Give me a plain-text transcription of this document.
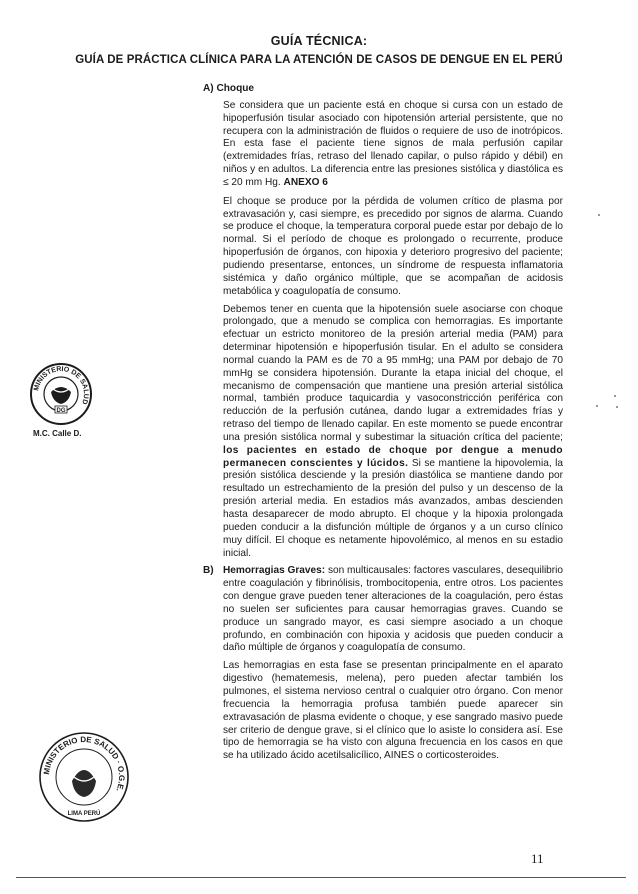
GUÍA TÉCNICA:
GUÍA DE PRÁCTICA CLÍNICA PARA LA ATENCIÓN DE CASOS DE DENGUE EN EL PERÚ
A) Choque

Se considera que un paciente está en choque si cursa con un estado de hipoperfusión tisular asociado con hipotensión arterial persistente, que no recupera con la administración de fluidos o requiere de uso de inotrópicos. En esta fase el paciente tiene signos de mala perfusión capilar (extremidades frías, retraso del llenado capilar, o pulso rápido y débil) en niños y en adultos. La diferencia entre las presiones sistólica y diastólica es ≤ 20 mm Hg. ANEXO 6

El choque se produce por la pérdida de volumen crítico de plasma por extravasación y, casi siempre, es precedido por signos de alarma. Cuando se produce el choque, la temperatura corporal puede estar por debajo de lo normal. Si el período de choque es prolongado o recurrente, produce hipoperfusión de órganos, con hipoxia y deterioro progresivo del paciente; pudiendo presentarse, entonces, un síndrome de respuesta inflamatoria sistémica y daño orgánico múltiple, que se acompañan de acidosis metabólica y coagulopatía de consumo.

Debemos tener en cuenta que la hipotensión suele asociarse con choque prolongado, que a menudo se complica con hemorragias. Es importante efectuar un estricto monitoreo de la presión arterial media (PAM) para determinar hipotensión e hipoperfusión tisular. En el adulto se considera normal cuando la PAM es de 70 a 95 mmHg; una PAM por debajo de 70 mmHg se considera hipotensión. Durante la etapa inicial del choque, el mecanismo de compensación que mantiene una presión arterial sistólica normal, también produce taquicardia y vasoconstricción periférica con reducción de la perfusión cutánea, dando lugar a extremidades frías y retraso del tiempo de llenado capilar. En este momento se puede encontrar una presión sistólica normal y subestimar la situación crítica del paciente; los pacientes en estado de choque por dengue a menudo permanecen conscientes y lúcidos. Si se mantiene la hipovolemia, la presión sistólica desciende y la presión diastólica se mantiene dando por resultado un estrechamiento de la presión del pulso y un descenso de la presión arterial media. En estadios más avanzados, ambas descienden hasta desaparecer de modo abrupto. El choque y la hipoxia prolongada pueden conducir a la disfunción múltiple de órganos y a un curso clínico muy difícil. El choque es netamente hipovolémico, al menos en su estadio inicial.

B) Hemorragias Graves: son multicausales: factores vasculares, desequilibrio entre coagulación y fibrinólisis, trombocitopenia, entre otros. Los pacientes con dengue grave pueden tener alteraciones de la coagulación, pero éstas no suelen ser suficientes para causar hemorragias graves. Cuando se produce un sangrado mayor, es casi siempre asociado a un choque profundo, en combinación con hipoxia y acidosis que pueden conducir a daño múltiple de órganos y coagulopatía de consumo.
Las hemorragias en esta fase se presentan principalmente en el aparato digestivo (hematemesis, melena), pero pueden afectar también los pulmones, el sistema nervioso central o cualquier otro órgano. Con menor frecuencia la hemorragia profusa también puede aparecer sin extravasación de plasma evidente o choque, y ese sangrado masivo puede ser criterio de dengue grave, si el clínico que lo asiste lo considera así. Ese tipo de hemorragia se ha visto con alguna frecuencia en los casos en que se ha utilizado ácido acetilsalicílico, AINES o corticosteroides.
MINISTERIO DE SALUD
DG
M.C. Calle D.
MINISTERIO DE SALUD · O.G.E.
LIMA PERÚ
11
